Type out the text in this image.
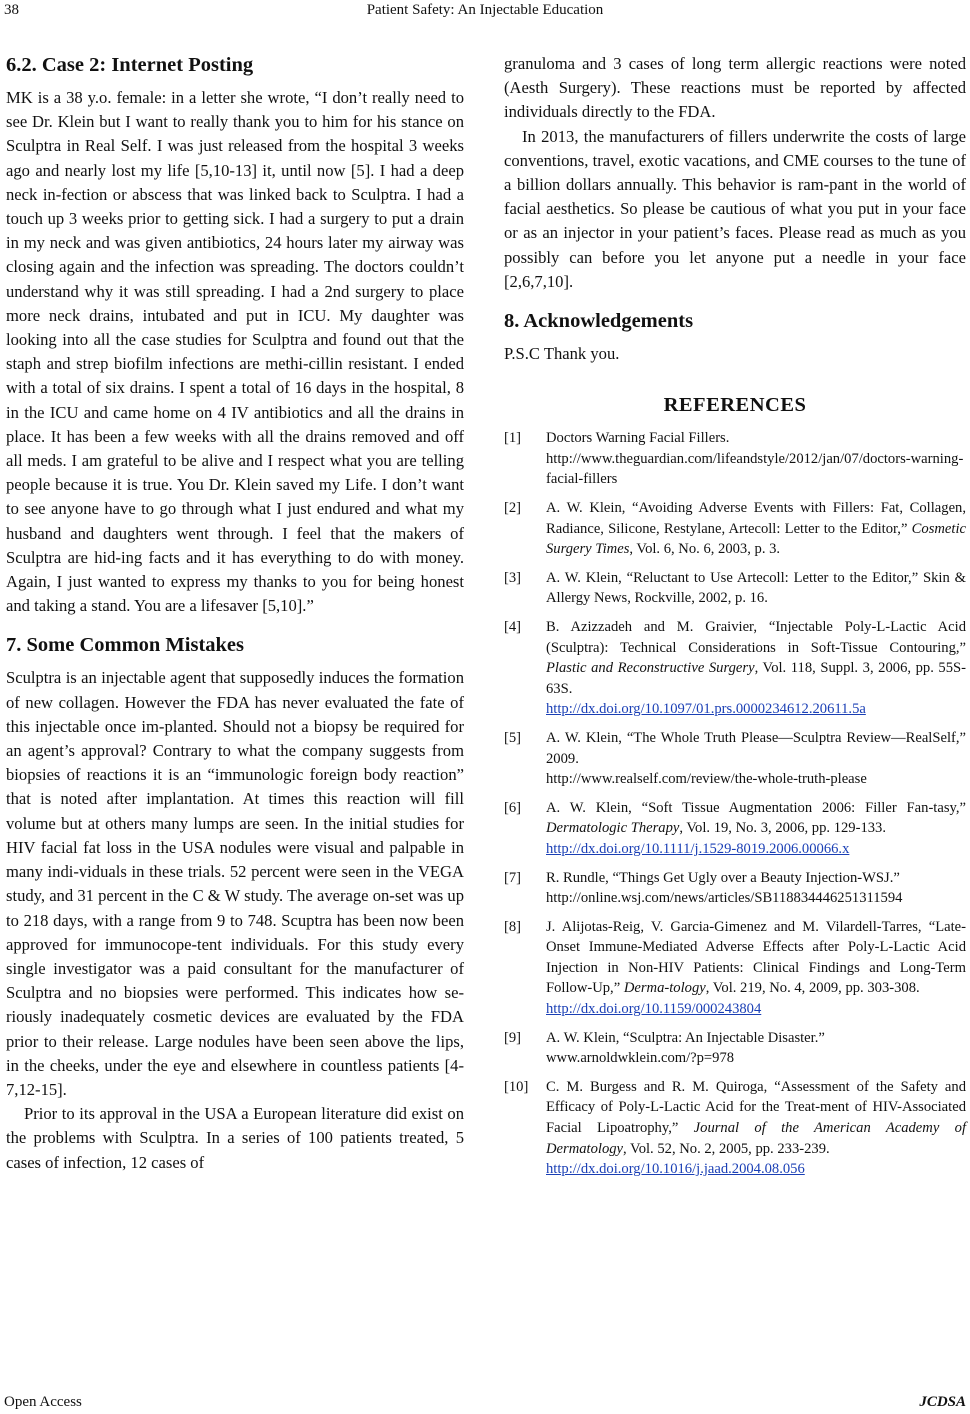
38	Patient Safety: An Injectable Education
6.2. Case 2: Internet Posting

MK is a 38 y.o. female: in a letter she wrote, “I don’t really need to see Dr. Klein but I want to really thank you to him for his stance on Sculptra in Real Self. I was just released from the hospital 3 weeks ago and nearly lost my life [5,10-13] it, until now [5]. I had a deep neck in-fection or abscess that was linked back to Sculptra. I had a touch up 3 weeks prior to getting sick. I had a surgery to put a drain in my neck and was given antibiotics, 24 hours later my airway was closing again and the infection was spreading. The doctors couldn’t understand why it was still spreading. I had a 2nd surgery to place more neck drains, intubated and put in ICU. My daughter was looking into all the case studies for Sculptra and found out that the staph and strep biofilm infections are methi-cillin resistant. I ended with a total of six drains. I spent a total of 16 days in the hospital, 8 in the ICU and came home on 4 IV antibiotics and all the drains in place. It has been a few weeks with all the drains removed and off all meds. I am grateful to be alive and I respect what you are telling people because it is true. You Dr. Klein saved my Life. I don’t want to see anyone have to go through what I just endured and what my husband and daughters went through. I feel that the makers of Sculptra are hid-ing facts and it has everything to do with money. Again, I just wanted to express my thanks to you for being honest and taking a stand. You are a lifesaver [5,10].”

7. Some Common Mistakes

Sculptra is an injectable agent that supposedly induces the formation of new collagen. However the FDA has never evaluated the fate of this injectable once im-planted. Should not a biopsy be required for an agent’s approval? Contrary to what the company suggests from biopsies of reactions it is an “immunologic foreign body reaction” that is noted after implantation. At times this reaction will fill volume but at others many lumps are seen. In the initial studies for HIV facial fat loss in the USA nodules were visual and palpable in many indi-viduals in these trials. 52 percent were seen in the VEGA study, and 31 percent in the C & W study. The average on-set was up to 218 days, with a range from 9 to 748. Scuptra has been now been approved for immunocope-tent individuals. For this study every single investigator was a paid consultant for the manufacturer of Sculptra and no biopsies were performed. This indicates how se-riously inadequately cosmetic devices are evaluated by the FDA prior to their release. Large nodules have been seen above the lips, in the cheeks, under the eye and elsewhere in countless patients [4-7,12-15].

Prior to its approval in the USA a European literature did exist on the problems with Sculptra. In a series of 100 patients treated, 5 cases of infection, 12 cases of

granuloma and 3 cases of long term allergic reactions were noted (Aesth Surgery). These reactions must be reported by affected individuals directly to the FDA.

In 2013, the manufacturers of fillers underwrite the costs of large conventions, travel, exotic vacations, and CME courses to the tune of a billion dollars annually. This behavior is ram-pant in the world of facial aesthetics. So please be cautious of what you put in your face or as an injector in your patient’s faces. Please read as much as you possibly can before you let anyone put a needle in your face [2,6,7,10].

8. Acknowledgements

P.S.C Thank you.

REFERENCES
[1]	Doctors Warning Facial Fillers.
http://www.theguardian.com/lifeandstyle/2012/jan/07/doctors-warning-facial-fillers
[2]	A. W. Klein, “Avoiding Adverse Events with Fillers: Fat, Collagen, Radiance, Silicone, Restylane, Artecoll: Letter to the Editor,” Cosmetic Surgery Times, Vol. 6, No. 6, 2003, p. 3.
[3]	A. W. Klein, “Reluctant to Use Artecoll: Letter to the Editor,” Skin & Allergy News, Rockville, 2002, p. 16.
[4]	B. Azizzadeh and M. Graivier, “Injectable Poly-L-Lactic Acid (Sculptra): Technical Considerations in Soft-Tissue Contouring,” Plastic and Reconstructive Surgery, Vol. 118, Suppl. 3, 2006, pp. 55S-63S.
http://dx.doi.org/10.1097/01.prs.0000234612.20611.5a
[5]	A. W. Klein, “The Whole Truth Please—Sculptra Review—RealSelf,” 2009.
http://www.realself.com/review/the-whole-truth-please
[6]	A. W. Klein, “Soft Tissue Augmentation 2006: Filler Fan-tasy,” Dermatologic Therapy, Vol. 19, No. 3, 2006, pp. 129-133.
http://dx.doi.org/10.1111/j.1529-8019.2006.00066.x
[7]	R. Rundle, “Things Get Ugly over a Beauty Injection-WSJ.”
http://online.wsj.com/news/articles/SB118834446251311594
[8]	J. Alijotas-Reig, V. Garcia-Gimenez and M. Vilardell-Tarres, “Late-Onset Immune-Mediated Adverse Effects after Poly-L-Lactic Acid Injection in Non-HIV Patients: Clinical Findings and Long-Term Follow-Up,” Derma-tology, Vol. 219, No. 4, 2009, pp. 303-308.
http://dx.doi.org/10.1159/000243804
[9]	A. W. Klein, “Sculptra: An Injectable Disaster.”
www.arnoldwklein.com/?p=978
[10]	C. M. Burgess and R. M. Quiroga, “Assessment of the Safety and Efficacy of Poly-L-Lactic Acid for the Treat-ment of HIV-Associated Facial Lipoatrophy,” Journal of the American Academy of Dermatology, Vol. 52, No. 2, 2005, pp. 233-239.
http://dx.doi.org/10.1016/j.jaad.2004.08.056
Open Access	JCDSA
